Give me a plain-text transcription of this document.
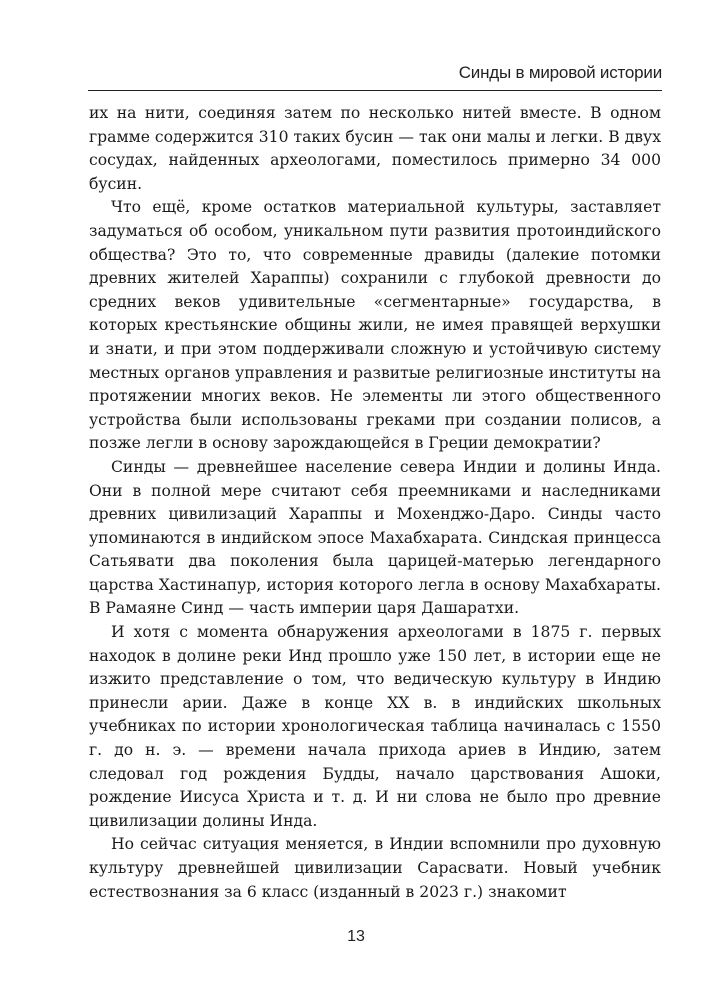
Синды в мировой истории

их на нити, соединяя затем по несколько нитей вместе. В одном грамме содержится 310 таких бусин — так они малы и легки. В двух сосудах, найденных археологами, поместилось примерно 34 000 бусин.

Что ещё, кроме остатков материальной культуры, заставляет задуматься об особом, уникальном пути развития протоиндийского общества? Это то, что современные дравиды (далекие потомки древних жителей Хараппы) сохранили с глубокой древности до средних веков удивительные «сегментарные» государства, в которых крестьянские общины жили, не имея правящей верхушки и знати, и при этом поддерживали сложную и устойчивую систему местных органов управления и развитые религиозные институты на протяжении многих веков. Не элементы ли этого общественного устройства были использованы греками при создании полисов, а позже легли в основу зарождающейся в Греции демократии?

Синды — древнейшее население севера Индии и долины Инда. Они в полной мере считают себя преемниками и наследниками древних цивилизаций Хараппы и Мохенджо-Даро. Синды часто упоминаются в индийском эпосе Махабхарата. Синдская принцесса Сатьявати два поколения была царицей-матерью легендарного царства Хастинапур, история которого легла в основу Махабхараты. В Рамаяне Синд — часть империи царя Дашаратхи.

И хотя с момента обнаружения археологами в 1875 г. первых находок в долине реки Инд прошло уже 150 лет, в истории еще не изжито представление о том, что ведическую культуру в Индию принесли арии. Даже в конце XX в. в индийских школьных учебниках по истории хронологическая таблица начиналась с 1550 г. до н. э. — времени начала прихода ариев в Индию, затем следовал год рождения Будды, начало царствования Ашоки, рождение Иисуса Христа и т. д. И ни слова не было про древние цивилизации долины Инда.

Но сейчас ситуация меняется, в Индии вспомнили про духовную культуру древнейшей цивилизации Сарасвати. Новый учебник естествознания за 6 класс (изданный в 2023 г.) знакомит

13
